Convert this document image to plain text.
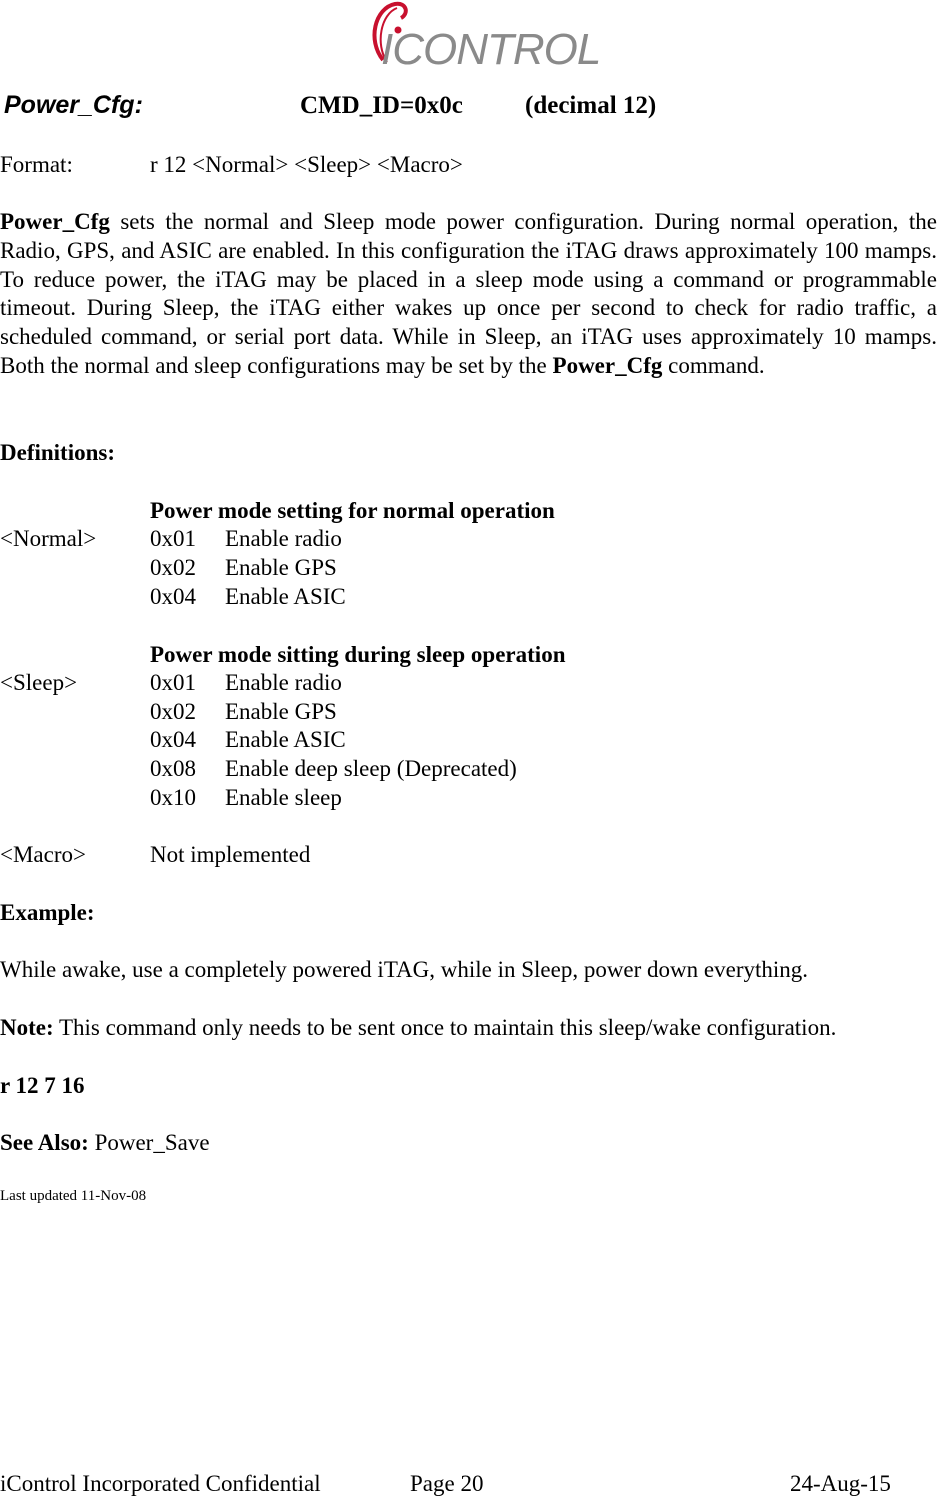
ICONTROL
Power_Cfg:	CMD_ID=0x0c (decimal 12)
Format:	r 12 <Normal> <Sleep> <Macro>
Power_Cfg sets the normal and Sleep mode power configuration. During normal operation, the Radio, GPS, and ASIC are enabled. In this configuration the iTAG draws approximately 100 mamps. To reduce power, the iTAG may be placed in a sleep mode using a command or programmable timeout. During Sleep, the iTAG either wakes up once per second to check for radio traffic, a scheduled command, or serial port data. While in Sleep, an iTAG uses approximately 10 mamps. Both the normal and sleep configurations may be set by the Power_Cfg command.
Definitions:
Power mode setting for normal operation
<Normal> 0x01 Enable radio
0x02 Enable GPS
0x04 Enable ASIC
Power mode sitting during sleep operation
<Sleep>	0x01 Enable radio
0x02 Enable GPS
0x04 Enable ASIC
0x08 Enable deep sleep (Deprecated)
0x10 Enable sleep
<Macro>	Not implemented
Example:
While awake, use a completely powered iTAG, while in Sleep, power down everything.
Note: This command only needs to be sent once to maintain this sleep/wake configuration.
r 12 7 16
See Also: Power_Save
Last updated 11-Nov-08
iControl Incorporated Confidential	Page 20	24-Aug-15
